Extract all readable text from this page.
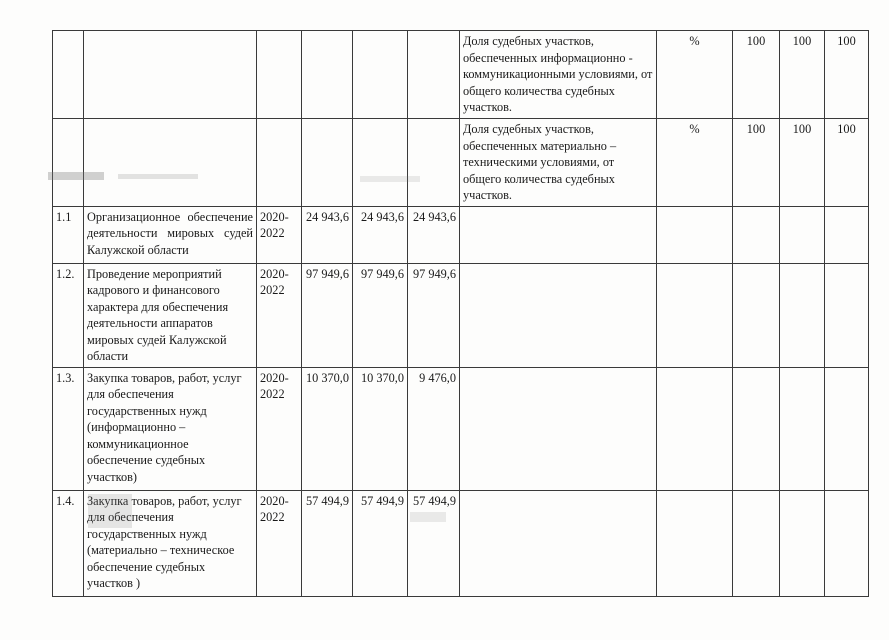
						Доля судебных участков, обеспеченных информационно - коммуникационными условиями, от общего количества судебных участков.	%	100	100	100
						Доля судебных участков, обеспеченных материально – техническими условиями, от общего количества судебных участков.	%	100	100	100
1.1	Организационное обеспечение деятельности мировых судей Калужской области	2020-2022	24 943,6	24 943,6	24 943,6					
1.2.	Проведение мероприятий кадрового и финансового характера для обеспечения деятельности аппаратов мировых судей Калужской области	2020-2022	97 949,6	97 949,6	97 949,6					
1.3.	Закупка товаров, работ, услуг для обеспечения государственных нужд (информационно – коммуникационное обеспечение судебных участков)	2020-2022	10 370,0	10 370,0	9 476,0					
1.4.	Закупка товаров, работ, услуг для обеспечения государственных нужд (материально – техническое обеспечение судебных участков )	2020-2022	57 494,9	57 494,9	57 494,9					
